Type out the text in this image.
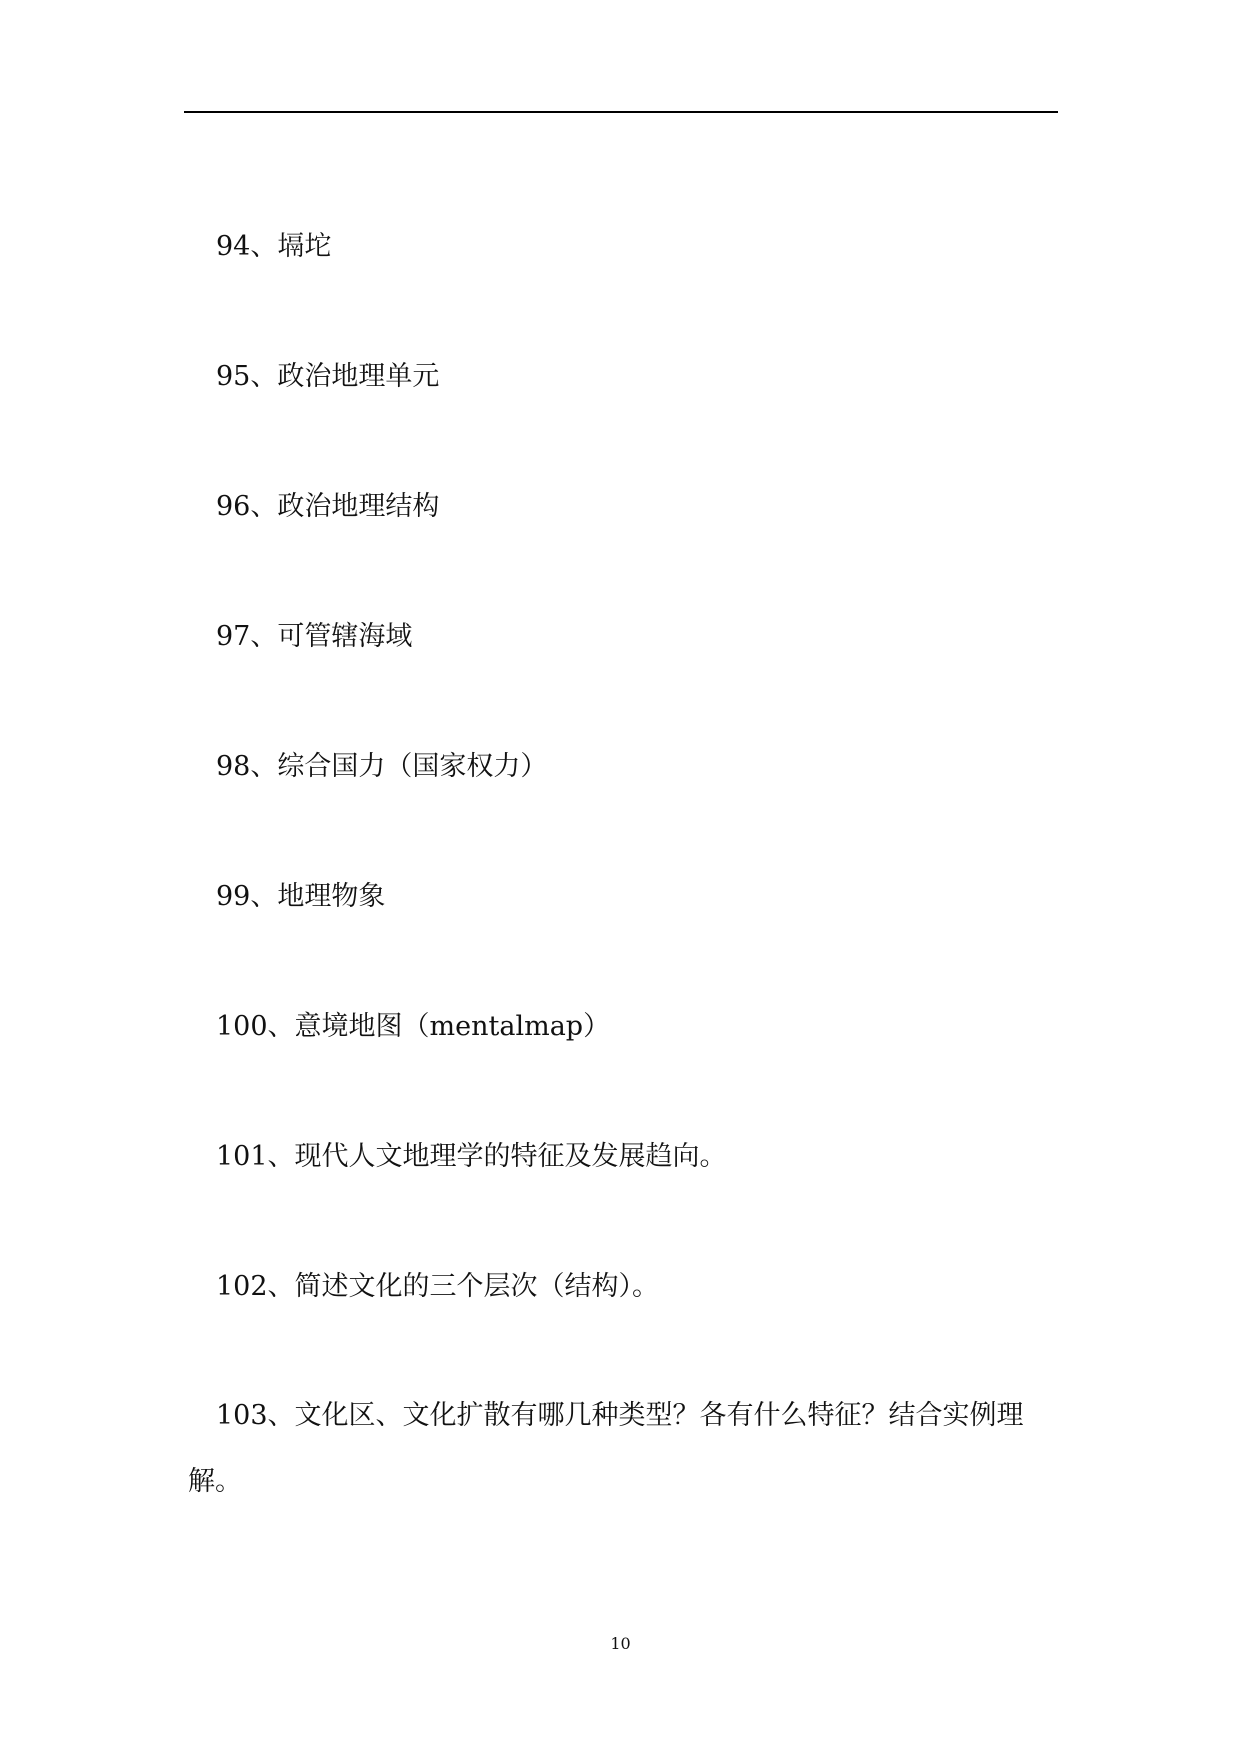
94、塥坨
95、政治地理单元
96、政治地理结构
97、可管辖海域
98、综合国力（国家权力）
99、地理物象
100、意境地图（mentalmap）
101、现代人文地理学的特征及发展趋向。
102、简述文化的三个层次（结构）。
103、文化区、文化扩散有哪几种类型？各有什么特征？结合实例理解。
10
